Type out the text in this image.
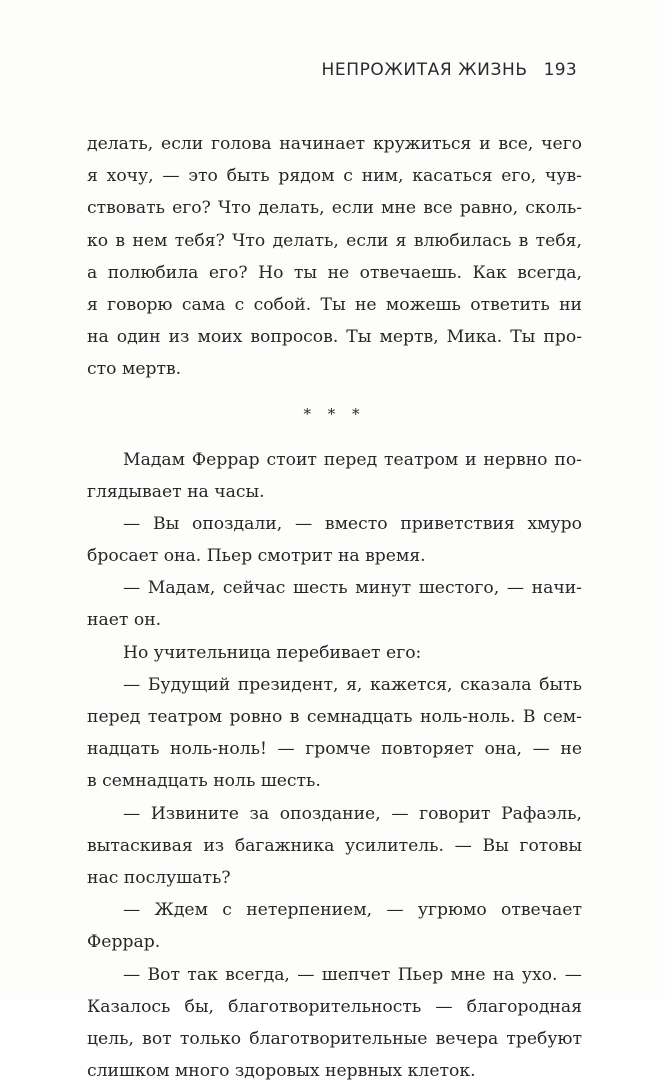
НЕПРОЖИТАЯ ЖИЗНЬ 193
делать, если голова начинает кружиться и все, чего
я хочу, — это быть рядом с ним, касаться его, чув-
ствовать его? Что делать, если мне все равно, сколь-
ко в нем тебя? Что делать, если я влюбилась в тебя,
а полюбила его? Но ты не отвечаешь. Как всегда,
я говорю сама с собой. Ты не можешь ответить ни
на один из моих вопросов. Ты мертв, Мика. Ты про-
сто мертв.
* * *
Мадам Феррар стоит перед театром и нервно по-
глядывает на часы.
— Вы опоздали, — вместо приветствия хмуро
бросает она. Пьер смотрит на время.
— Мадам, сейчас шесть минут шестого, — начи-
нает он.
Но учительница перебивает его:
— Будущий президент, я, кажется, сказала быть
перед театром ровно в семнадцать ноль-ноль. В сем-
надцать ноль-ноль! — громче повторяет она, — не
в семнадцать ноль шесть.
— Извините за опоздание, — говорит Рафаэль,
вытаскивая из багажника усилитель. — Вы готовы
нас послушать?
— Ждем с нетерпением, — угрюмо отвечает
Феррар.
— Вот так всегда, — шепчет Пьер мне на ухо. —
Казалось бы, благотворительность — благородная
цель, вот только благотворительные вечера требуют
слишком много здоровых нервных клеток.
